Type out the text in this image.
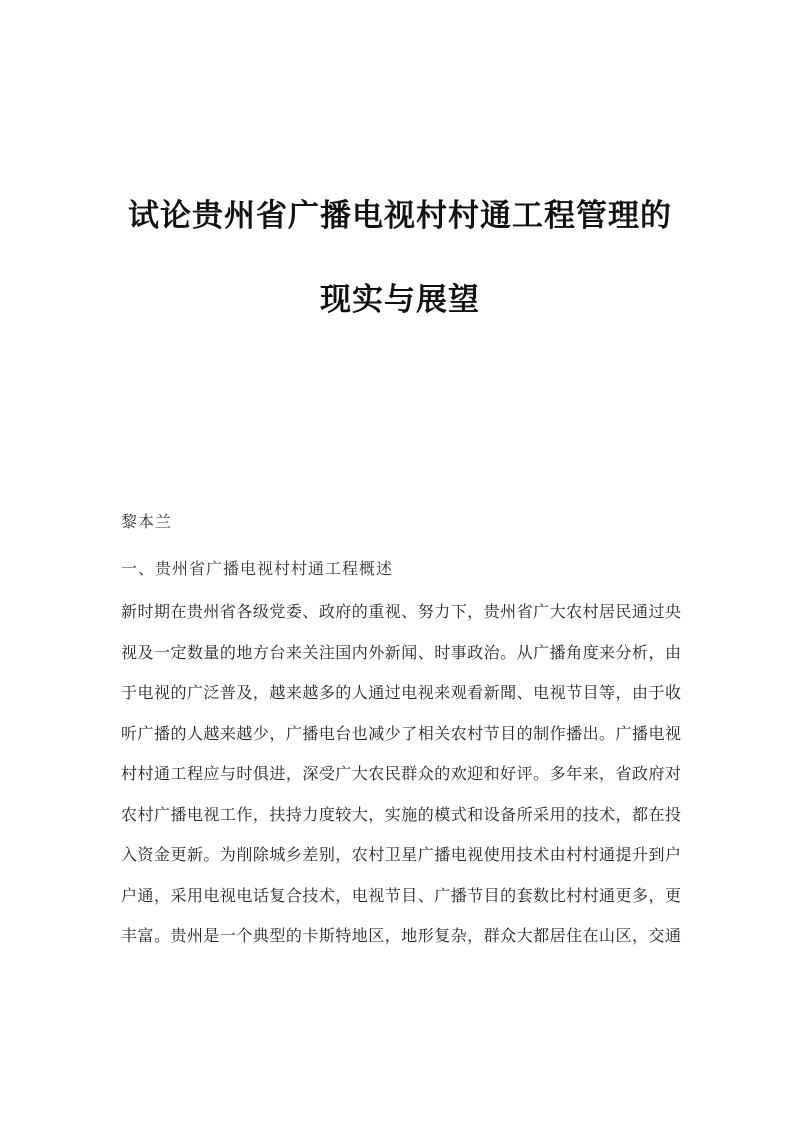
试论贵州省广播电视村村通工程管理的
现实与展望
黎本兰
一、贵州省广播电视村村通工程概述
新时期在贵州省各级党委、政府的重视、努力下，贵州省广大农村居民通过央
视及一定数量的地方台来关注国内外新闻、时事政治。从广播角度来分析，由
于电视的广泛普及，越来越多的人通过电视来观看新聞、电视节目等，由于收
听广播的人越来越少，广播电台也减少了相关农村节目的制作播出。广播电视
村村通工程应与时俱进，深受广大农民群众的欢迎和好评。多年来，省政府对
农村广播电视工作，扶持力度较大，实施的模式和设备所采用的技术，都在投
入资金更新。为削除城乡差别，农村卫星广播电视使用技术由村村通提升到户
户通，采用电视电话复合技术，电视节目、广播节目的套数比村村通更多，更
丰富。贵州是一个典型的卡斯特地区，地形复杂，群众大都居住在山区，交通
